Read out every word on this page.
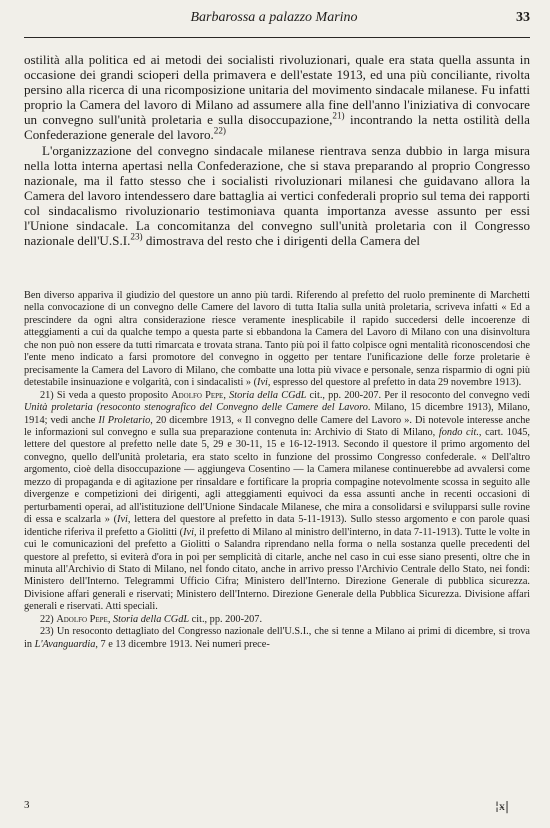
Barbarossa a palazzo Marino	33

ostilità alla politica ed ai metodi dei socialisti rivoluzionari, quale era stata quella assunta in occasione dei grandi scioperi della primavera e dell'estate 1913, ed una più conciliante, rivolta persino alla ricerca di una ricomposizione unitaria del movimento sindacale milanese. Fu infatti proprio la Camera del lavoro di Milano ad assumere alla fine dell'anno l'iniziativa di convocare un convegno sull'unità proletaria e sulla disoccupazione,$^{21)}$ incontrando la netta ostilità della Confederazione generale del lavoro.$^{22)}$

L'organizzazione del convegno sindacale milanese rientrava senza dubbio in larga misura nella lotta interna apertasi nella Confederazione, che si stava preparando al proprio Congresso nazionale, ma il fatto stesso che i socialisti rivoluzionari milanesi che guidavano allora la Camera del lavoro intendessero dare battaglia ai vertici confederali proprio sul tema dei rapporti col sindacalismo rivoluzionario testimoniava quanta importanza avesse assunto per essi l'Unione sindacale. La concomitanza del convegno sull'unità proletaria con il Congresso nazionale dell'U.S.I.$^{23)}$ dimostrava del resto che i dirigenti della Camera del

Ben diverso appariva il giudizio del questore un anno più tardi. Riferendo al prefetto del ruolo preminente di Marchetti nella convocazione di un convegno delle Camere del lavoro di tutta Italia sulla unità proletaria, scriveva infatti « Ed a prescindere da ogni altra considerazione riesce veramente inesplicabile il rapido succedersi delle incoerenze di atteggiamenti a cui da qualche tempo a questa parte si ebbandona la Camera del Lavoro di Milano con una disinvoltura che non può non essere da tutti rimarcata e trovata strana. Tanto più poi il fatto colpisce ogni mentalità riconoscendosi che l'ente meno indicato a farsi promotore del convegno in oggetto per tentare l'unificazione delle forze proletarie è precisamente la Camera del Lavoro di Milano, che combatte una lotta più vivace e personale, senza risparmio di ogni più detestabile insinuazione e volgarità, con i sindacalisti » (Ivi, espresso del questore al prefetto in data 29 novembre 1913).

21) Si veda a questo proposito Adolfo Pepe, Storia della CGdL cit., pp. 200-207. Per il resoconto del convegno vedi Unità proletaria (resoconto stenografico del Convegno delle Camere del Lavoro. Milano, 15 dicembre 1913), Milano, 1914; vedi anche Il Proletario, 20 dicembre 1913, « Il convegno delle Camere del Lavoro ». Di notevole interesse anche le informazioni sul convegno e sulla sua preparazione contenuta in: Archivio di Stato di Milano, fondo cit., cart. 1045, lettere del questore al prefetto nelle date 5, 29 e 30-11, 15 e 16-12-1913. Secondo il questore il primo argomento del convegno, quello dell'unità proletaria, era stato scelto in funzione del prossimo Congresso confederale. « Dell'altro argomento, cioè della disoccupazione — aggiungeva Cosentino — la Camera milanese continuerebbe ad avvalersi come mezzo di propaganda e di agitazione per rinsaldare e fortificare la propria compagine notevolmente scossa in seguito alle divergenze e competizioni dei dirigenti, agli atteggiamenti equivoci da essa assunti anche in recenti occasioni di perturbamenti operai, ad all'istituzione dell'Unione Sindacale Milanese, che mira a consolidarsi e svilupparsi sulle rovine di essa e scalzarla » (Ivi, lettera del questore al prefetto in data 5-11-1913). Sullo stesso argomento e con parole quasi identiche riferiva il prefetto a Giolitti (Ivi, il prefetto di Milano al ministro dell'interno, in data 7-11-1913). Tutte le volte in cui le comunicazioni del prefetto a Giolitti o Salandra riprendano nella forma o nella sostanza quelle precedenti del questore al prefetto, si eviterà d'ora in poi per semplicità di citarle, anche nel caso in cui esse siano presenti, oltre che in minuta all'Archivio di Stato di Milano, nel fondo citato, anche in arrivo presso l'Archivio Centrale dello Stato, nei fondi: Ministero dell'Interno. Telegrammi Ufficio Cifra; Ministero dell'Interno. Direzione Generale di pubblica sicurezza. Divisione affari generali e riservati; Ministero dell'Interno. Direzione Generale della Pubblica Sicurezza. Divisione affari generali e riservati. Atti speciali.

22) Adolfo Pepe, Storia della CGdL cit., pp. 200-207.

23) Un resoconto dettagliato del Congresso nazionale dell'U.S.I., che si tenne a Milano ai primi di dicembre, si trova in L'Avanguardia, 7 e 13 dicembre 1913. Nei numeri prece-

3	¦ӿ|
